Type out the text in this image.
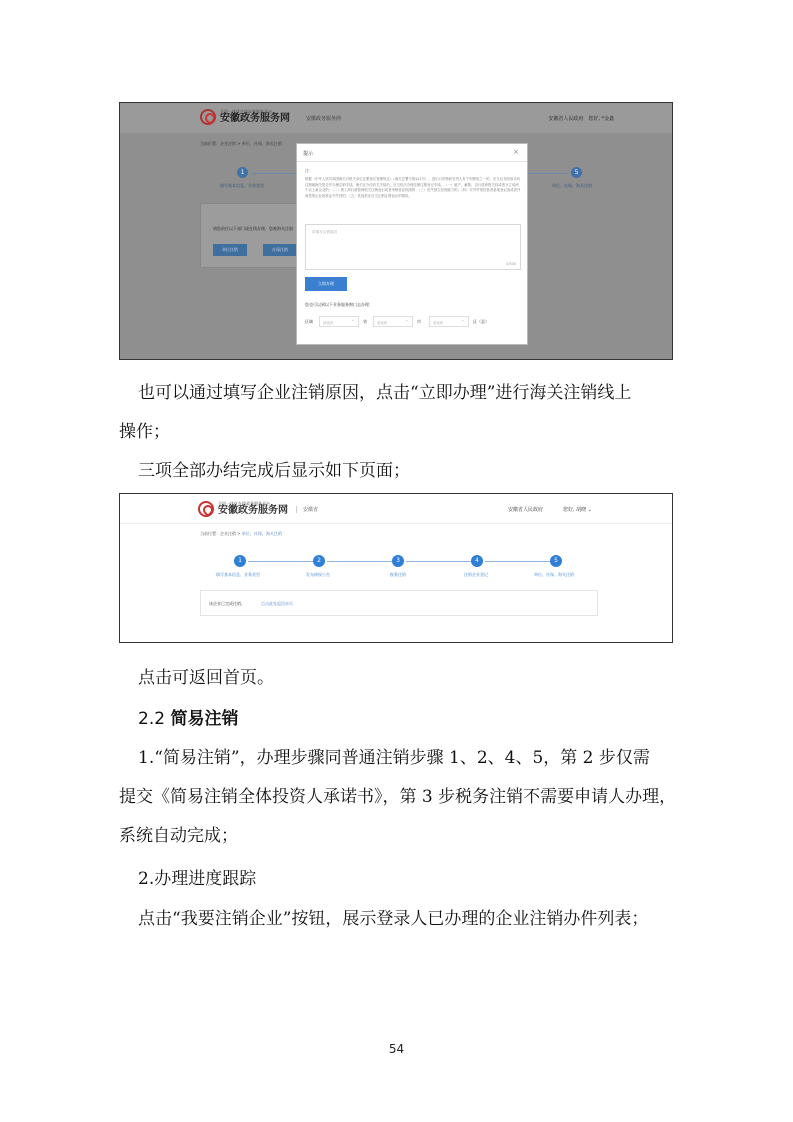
全国一体化在线政务服务平台
安徽政务服务网	安徽政务服务网	安徽省人民政府　您好, *金鑫
当前位置：企业注销 > 单位、社保、海关注销
1
填写基本信息、业务类型
5
单位、社保、海关注销
请您前往以下部门或在线办理，您被海关注册
单位注销	社保注销
提示	×
注：
根据《中华人民共和国海关对报关单位注册登记管理规定》（海关总署令第221号），进出口货物收发货人有下列情形之一的，应当以书面形式向注册地海关报告并办理注销手续。海关在办结有关手续后，应当依法办理注销注册登记手续。（一）破产、解散、自行放弃报关权或者分立成两个以上新企业的；（二）被工商行政管理机关注销登记或者吊销营业执照的；（三）丧失独立经营能力的；（四）对外贸易经营者备案登记表或者外商投资企业批准证书失效的；（五）其他依法应当注销注册登记的情形。
请填写注销原因
0/500
立即办理
您也可以到以下业务服务窗口去办理：
区域	请选择 ⌄	省	请选择 ⌄	市	请选择 ⌄	区（县）
也可以通过填写企业注销原因，点击“立即办理”进行海关注销线上
操作；
三项全部办结完成后显示如下页面；
全国一体化在线政务服务平台
安徽政务服务网	安徽省	安徽省人民政府	您好, 胡晓 ⌄
当前位置：企业注销 > 单位、社保、海关注销
1	2	3	4	5
填写基本信息、业务类型	发布债权公告	税务注销	注销企业登记	单位、社保、海关注销
该企业已完成注销，	点击此处返回首页
点击可返回首页。
2.2 简易注销
1.“简易注销”，办理步骤同普通注销步骤 1、2、4、5，第 2 步仅需
提交《简易注销全体投资人承诺书》，第 3 步税务注销不需要申请人办理，
系统自动完成；
2.办理进度跟踪
点击“我要注销企业”按钮，展示登录人已办理的企业注销办件列表；
54
